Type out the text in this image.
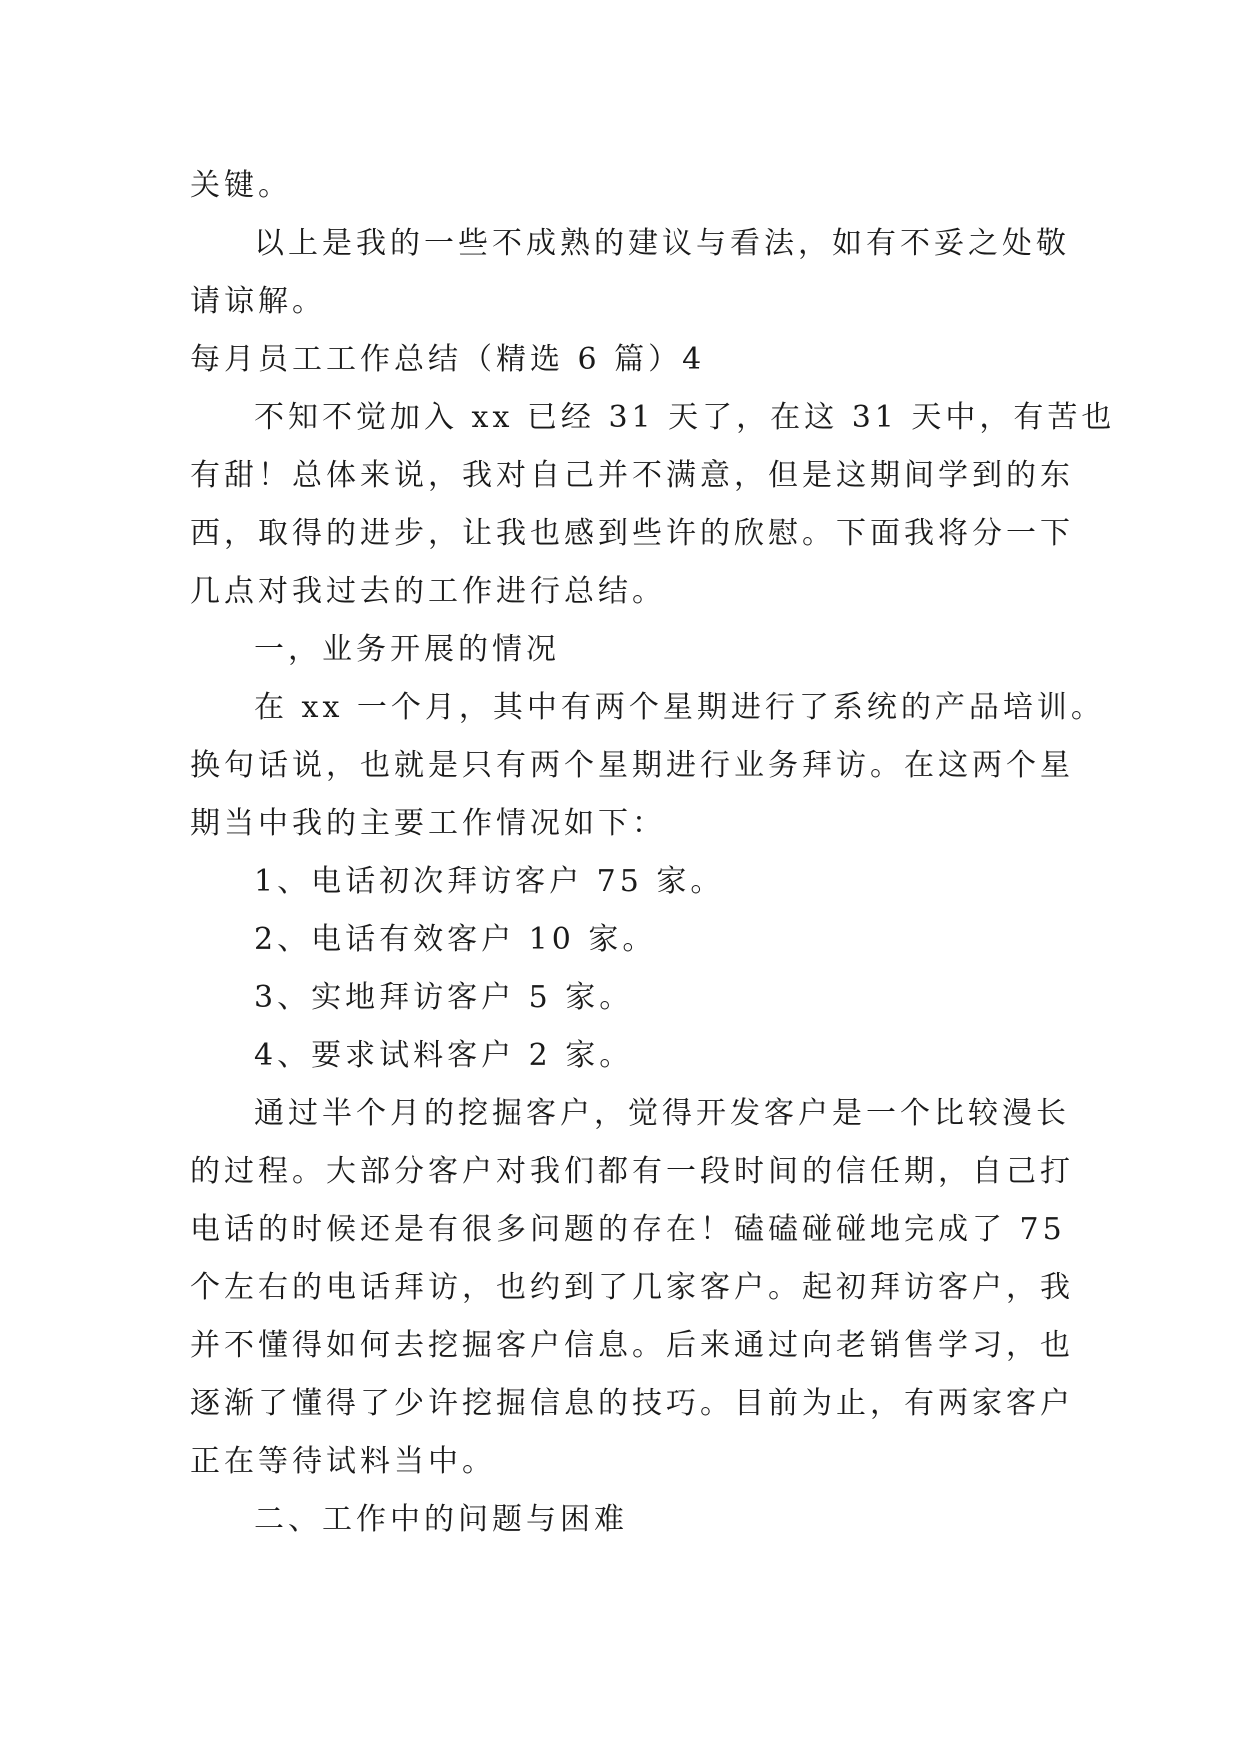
关键。
以上是我的一些不成熟的建议与看法，如有不妥之处敬
请谅解。
每月员工工作总结（精选 6 篇）4
不知不觉加入 xx 已经 31 天了，在这 31 天中，有苦也
有甜！总体来说，我对自己并不满意，但是这期间学到的东
西，取得的进步，让我也感到些许的欣慰。下面我将分一下
几点对我过去的工作进行总结。
一，业务开展的情况
在 xx 一个月，其中有两个星期进行了系统的产品培训。
换句话说，也就是只有两个星期进行业务拜访。在这两个星
期当中我的主要工作情况如下：
1、电话初次拜访客户 75 家。
2、电话有效客户 10 家。
3、实地拜访客户 5 家。
4、要求试料客户 2 家。
通过半个月的挖掘客户，觉得开发客户是一个比较漫长
的过程。大部分客户对我们都有一段时间的信任期，自己打
电话的时候还是有很多问题的存在！磕磕碰碰地完成了 75
个左右的电话拜访，也约到了几家客户。起初拜访客户，我
并不懂得如何去挖掘客户信息。后来通过向老销售学习，也
逐渐了懂得了少许挖掘信息的技巧。目前为止，有两家客户
正在等待试料当中。
二、工作中的问题与困难
